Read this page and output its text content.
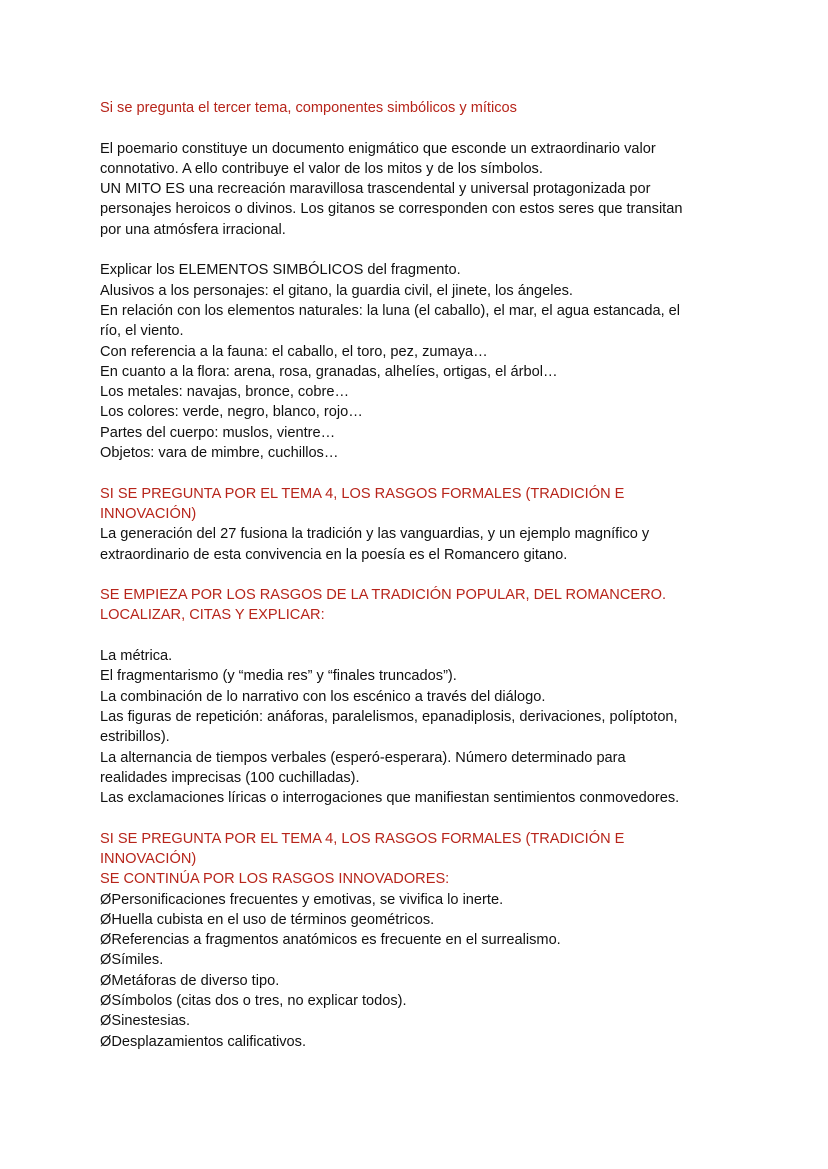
Si se pregunta el tercer tema, componentes simbólicos y míticos
El poemario constituye un documento enigmático que esconde un extraordinario valor
connotativo. A ello contribuye el valor de los mitos y de los símbolos.
UN MITO ES una recreación maravillosa trascendental y universal protagonizada por
personajes heroicos o divinos. Los gitanos se corresponden con estos seres que transitan
por una atmósfera irracional.
Explicar los ELEMENTOS SIMBÓLICOS del fragmento.
Alusivos a los personajes: el gitano, la guardia civil, el jinete, los ángeles.
En relación con los elementos naturales: la luna (el caballo), el mar, el agua estancada, el
río, el viento.
Con referencia a la fauna: el caballo, el toro, pez, zumaya…
En cuanto a la flora: arena, rosa, granadas, alhelíes, ortigas, el árbol…
Los metales: navajas, bronce, cobre…
Los colores: verde, negro, blanco, rojo…
Partes del cuerpo: muslos, vientre…
Objetos: vara de mimbre, cuchillos…
SI SE PREGUNTA POR EL TEMA 4, LOS RASGOS FORMALES (TRADICIÓN E
INNOVACIÓN)
La generación del 27 fusiona la tradición y las vanguardias, y un ejemplo magnífico y
extraordinario de esta convivencia en la poesía es el Romancero gitano.
SE EMPIEZA POR LOS RASGOS DE LA TRADICIÓN POPULAR, DEL ROMANCERO.
LOCALIZAR, CITAS Y EXPLICAR:
La métrica.
El fragmentarismo (y “media res” y “finales truncados”).
La combinación de lo narrativo con los escénico a través del diálogo.
Las figuras de repetición: anáforas, paralelismos, epanadiplosis, derivaciones, políptoton,
estribillos).
La alternancia de tiempos verbales (esperó-esperara). Número determinado para
realidades imprecisas (100 cuchilladas).
Las exclamaciones líricas o interrogaciones que manifiestan sentimientos conmovedores.
SI SE PREGUNTA POR EL TEMA 4, LOS RASGOS FORMALES (TRADICIÓN E
INNOVACIÓN)
SE CONTINÚA POR LOS RASGOS INNOVADORES:
ØPersonificaciones frecuentes y emotivas, se vivifica lo inerte.
ØHuella cubista en el uso de términos geométricos.
ØReferencias a fragmentos anatómicos es frecuente en el surrealismo.
ØSímiles.
ØMetáforas de diverso tipo.
ØSímbolos (citas dos o tres, no explicar todos).
ØSinestesias.
ØDesplazamientos calificativos.
